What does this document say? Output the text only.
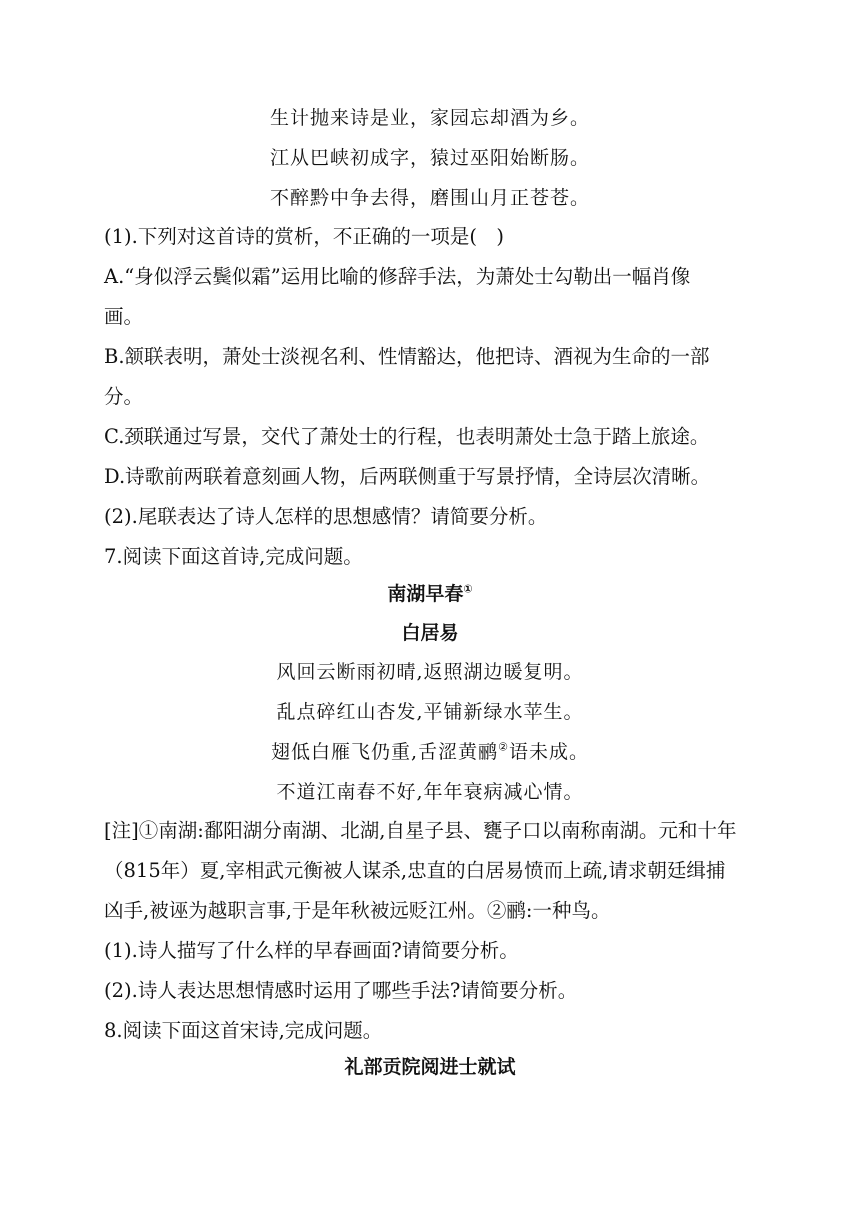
生计抛来诗是业，家园忘却酒为乡。
江从巴峡初成字，猿过巫阳始断肠。
不醉黔中争去得，磨围山月正苍苍。
(1).下列对这首诗的赏析，不正确的一项是(　)
A.“身似浮云鬓似霜”运用比喻的修辞手法，为萧处士勾勒出一幅肖像
画。
B.颔联表明，萧处士淡视名利、性情豁达，他把诗、酒视为生命的一部
分。
C.颈联通过写景，交代了萧处士的行程，也表明萧处士急于踏上旅途。
D.诗歌前两联着意刻画人物，后两联侧重于写景抒情，全诗层次清晰。
(2).尾联表达了诗人怎样的思想感情？请简要分析。
7.阅读下面这首诗,完成问题。
南湖早春①
白居易
风回云断雨初晴,返照湖边暖复明。
乱点碎红山杏发,平铺新绿水苹生。
翅低白雁飞仍重,舌涩黄鹂②语未成。
不道江南春不好,年年衰病减心情。
[注]①南湖:鄱阳湖分南湖、北湖,自星子县、甕子口以南称南湖。元和十年
（815年）夏,宰相武元衡被人谋杀,忠直的白居易愤而上疏,请求朝廷缉捕
凶手,被诬为越职言事,于是年秋被远贬江州。②鹂:一种鸟。
(1).诗人描写了什么样的早春画面?请简要分析。
(2).诗人表达思想情感时运用了哪些手法?请简要分析。
8.阅读下面这首宋诗,完成问题。
礼部贡院阅进士就试
